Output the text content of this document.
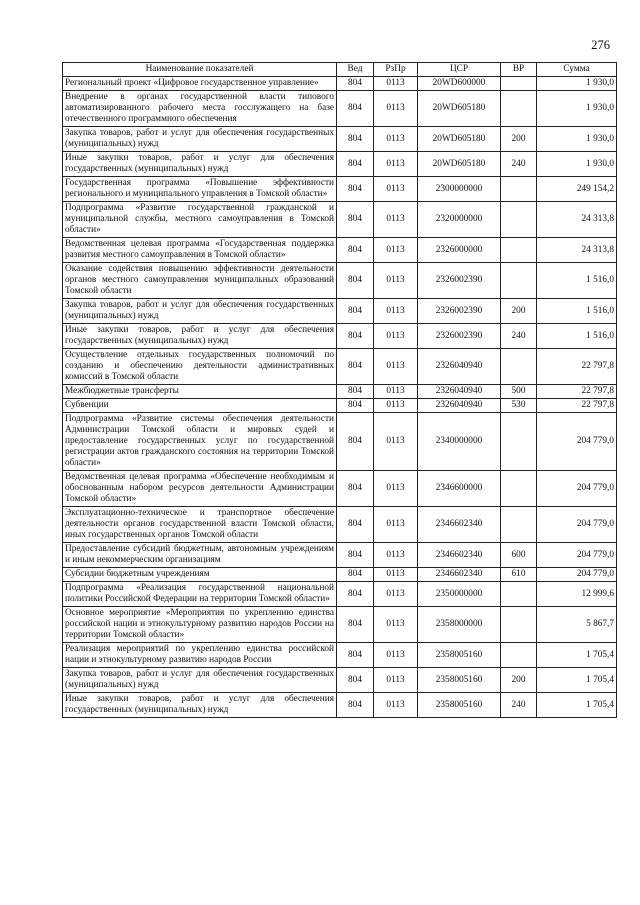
276
Наименование показателей	Вед	РзПр	ЦСР	ВР	Сумма
Региональный проект «Цифровое государственное управление»	804	0113	20WD600000		1 930,0
Внедрение в органах государственной власти типового автоматизированного рабочего места госслужащего на базе отечественного программного обеспечения	804	0113	20WD605180		1 930,0
Закупка товаров, работ и услуг для обеспечения государственных (муниципальных) нужд	804	0113	20WD605180	200	1 930,0
Иные закупки товаров, работ и услуг для обеспечения государственных (муниципальных) нужд	804	0113	20WD605180	240	1 930,0
Государственная программа «Повышение эффективности регионального и муниципального управления в Томской области»	804	0113	2300000000		249 154,2
Подпрограмма «Развитие государственной гражданской и муниципальной службы, местного самоуправления в Томской области»	804	0113	2320000000		24 313,8
Ведомственная целевая программа «Государственная поддержка развития местного самоуправления в Томской области»	804	0113	2326000000		24 313,8
Оказание содействия повышению эффективности деятельности органов местного самоуправления муниципальных образований Томской области	804	0113	2326002390		1 516,0
Закупка товаров, работ и услуг для обеспечения государственных (муниципальных) нужд	804	0113	2326002390	200	1 516,0
Иные закупки товаров, работ и услуг для обеспечения государственных (муниципальных) нужд	804	0113	2326002390	240	1 516,0
Осуществление отдельных государственных полномочий по созданию и обеспечению деятельности административных комиссий в Томской области	804	0113	2326040940		22 797,8
Межбюджетные трансферты	804	0113	2326040940	500	22 797,8
Субвенции	804	0113	2326040940	530	22 797,8
Подпрограмма «Развитие системы обеспечения деятельности Администрации Томской области и мировых судей и предоставление государственных услуг по государственной регистрации актов гражданского состояния на территории Томской области»	804	0113	2340000000		204 779,0
Ведомственная целевая программа «Обеспечение необходимым и обоснованным набором ресурсов деятельности Администрации Томской области»	804	0113	2346600000		204 779,0
Эксплуатационно-техническое и транспортное обеспечение деятельности органов государственной власти Томской области, иных государственных органов Томской области	804	0113	2346602340		204 779,0
Предоставление субсидий бюджетным, автономным учреждениям и иным некоммерческим организациям	804	0113	2346602340	600	204 779,0
Субсидии бюджетным учреждениям	804	0113	2346602340	610	204 779,0
Подпрограмма «Реализация государственной национальной политики Российской Федерации на территории Томской области»	804	0113	2350000000		12 999,6
Основное мероприятие «Мероприятия по укреплению единства российской нации и этнокультурному развитию народов России на территории Томской области»	804	0113	2358000000		5 867,7
Реализация мероприятий по укреплению единства российской нации и этнокультурному развитию народов России	804	0113	2358005160		1 705,4
Закупка товаров, работ и услуг для обеспечения государственных (муниципальных) нужд	804	0113	2358005160	200	1 705,4
Иные закупки товаров, работ и услуг для обеспечения государственных (муниципальных) нужд	804	0113	2358005160	240	1 705,4
